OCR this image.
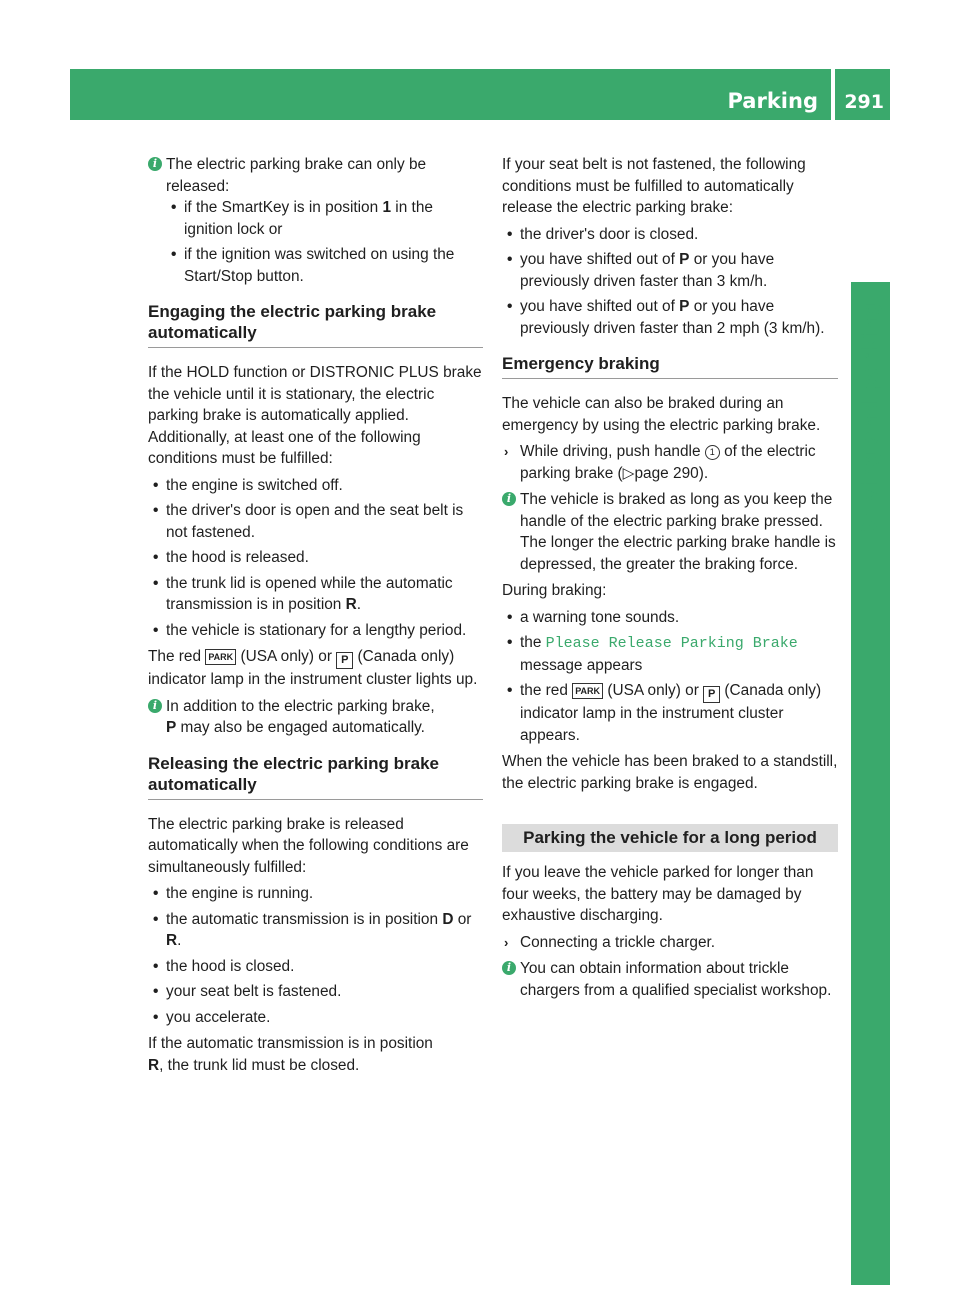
Parking 291
Driving and parking
i The electric parking brake can only be released:
• if the SmartKey is in position 1 in the ignition lock or
• if the ignition was switched on using the Start/Stop button.
Engaging the electric parking brake automatically

If the HOLD function or DISTRONIC PLUS brake the vehicle until it is stationary, the electric parking brake is automatically applied. Additionally, at least one of the following conditions must be fulfilled:

• the engine is switched off.
• the driver's door is open and the seat belt is not fastened.
• the hood is released.
• the trunk lid is opened while the automatic transmission is in position R.
• the vehicle is stationary for a lengthy period.

The red PARK (USA only) or P (Canada only) indicator lamp in the instrument cluster lights up.

i In addition to the electric parking brake,
P may also be engaged automatically.
Releasing the electric parking brake automatically

The electric parking brake is released automatically when the following conditions are simultaneously fulfilled:

• the engine is running.
• the automatic transmission is in position D or R.
• the hood is closed.
• your seat belt is fastened.
• you accelerate.

If the automatic transmission is in position
R, the trunk lid must be closed.

If your seat belt is not fastened, the following conditions must be fulfilled to automatically release the electric parking brake:

• the driver's door is closed.
• you have shifted out of P or you have previously driven faster than 3 km/h.
• you have shifted out of P or you have previously driven faster than 2 mph (3 km/h).
Emergency braking

The vehicle can also be braked during an emergency by using the electric parking brake.

› While driving, push handle 1 of the electric parking brake (▷page 290).
i The vehicle is braked as long as you keep the handle of the electric parking brake pressed. The longer the electric parking brake handle is depressed, the greater the braking force.

During braking:

• a warning tone sounds.
• the Please Release Parking Brake
message appears
• the red PARK (USA only) or P (Canada only) indicator lamp in the instrument cluster appears.

When the vehicle has been braked to a standstill, the electric parking brake is engaged.

Parking the vehicle for a long period

If you leave the vehicle parked for longer than four weeks, the battery may be damaged by exhaustive discharging.

› Connecting a trickle charger.
i You can obtain information about trickle chargers from a qualified specialist workshop.
